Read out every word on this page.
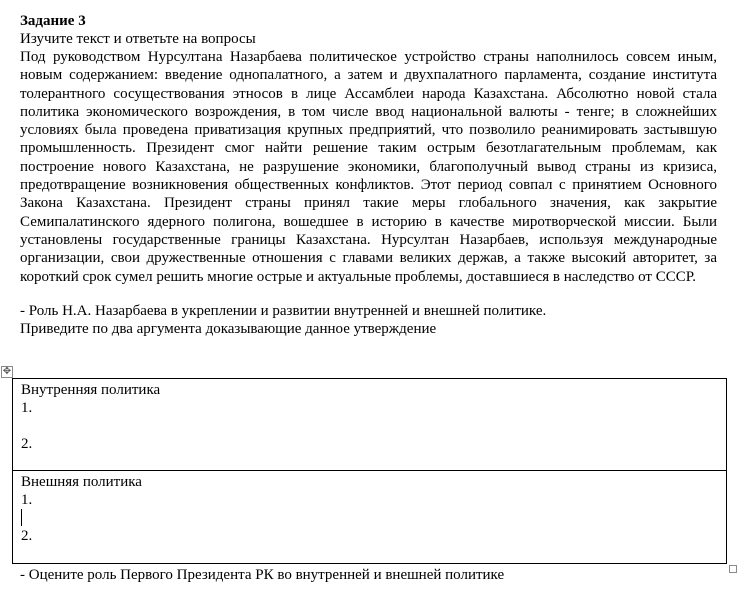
Задание 3
Изучите текст и ответьте на вопросы

Под руководством Нурсултана Назарбаева политическое устройство страны наполнилось совсем иным, новым содержанием: введение однопалатного, а затем и двухпалатного парламента, создание института толерантного сосуществования этносов в лице Ассамблеи народа Казахстана. Абсолютно новой стала политика экономического возрождения, в том числе ввод национальной валюты - тенге; в сложнейших условиях была проведена приватизация крупных предприятий, что позволило реанимировать застывшую промышленность. Президент смог найти решение таким острым безотлагательным проблемам, как построение нового Казахстана, не разрушение экономики, благополучный вывод страны из кризиса, предотвращение возникновения общественных конфликтов. Этот период совпал с принятием Основного Закона Казахстана. Президент страны принял такие меры глобального значения, как закрытие Семипалатинского ядерного полигона, вошедшее в историю в качестве миротворческой миссии. Были установлены государственные границы Казахстана. Нурсултан Назарбаев, используя международные организации, свои дружественные отношения с главами великих держав, а также высокий авторитет, за короткий срок сумел решить многие острые и актуальные проблемы, доставшиеся в наследство от СССР.

- Роль Н.А. Назарбаева в укреплении и развитии внутренней и внешней политике.
Приведите по два аргумента доказывающие данное утверждение
✥
Внутренняя политика
1.
2.
Внешняя политика
1.
2.
- Оцените роль Первого Президента РК во внутренней и внешней политике
